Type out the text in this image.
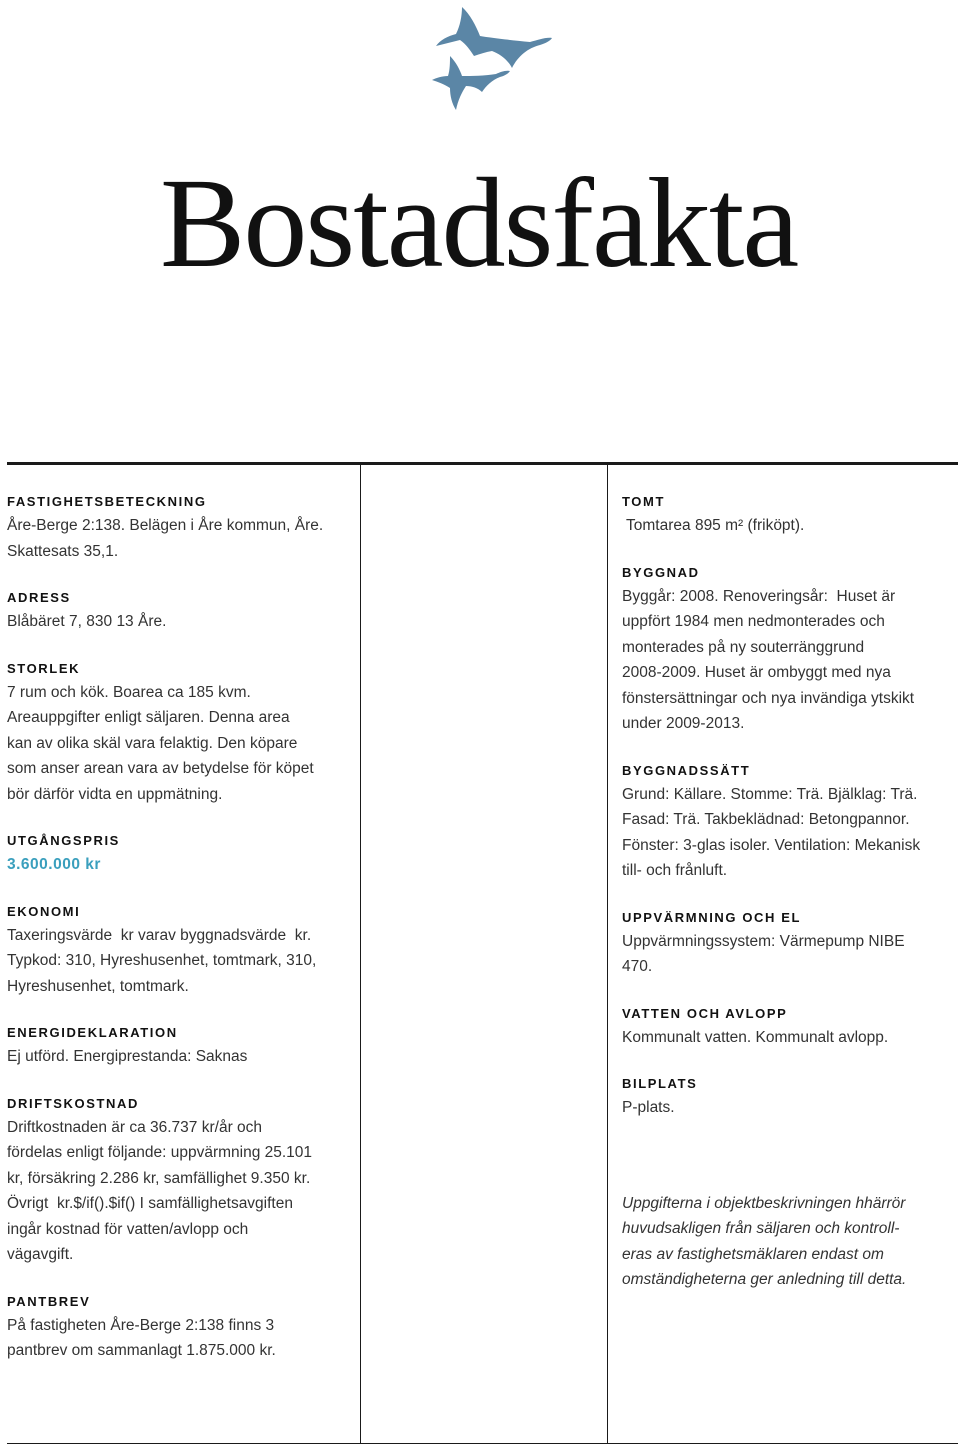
Bostadsfakta
FASTIGHETSBETECKNING
Åre-Berge 2:138. Belägen i Åre kommun, Åre.
Skattesats 35,1.
ADRESS
Blåbäret 7, 830 13 Åre.
STORLEK
7 rum och kök. Boarea ca 185 kvm.
Areauppgifter enligt säljaren. Denna area
kan av olika skäl vara felaktig. Den köpare
som anser arean vara av betydelse för köpet
bör därför vidta en uppmätning.
UTGÅNGSPRIS
3.600.000 kr
EKONOMI
Taxeringsvärde  kr varav byggnadsvärde  kr.
Typkod: 310, Hyreshusenhet, tomtmark, 310,
Hyreshusenhet, tomtmark.
ENERGIDEKLARATION
Ej utförd. Energiprestanda: Saknas
DRIFTSKOSTNAD
Driftkostnaden är ca 36.737 kr/år och
fördelas enligt följande: uppvärmning 25.101
kr, försäkring 2.286 kr, samfällighet 9.350 kr.
Övrigt  kr.$/if().$if() I samfällighetsavgiften
ingår kostnad för vatten/avlopp och
vägavgift.
PANTBREV
På fastigheten Åre-Berge 2:138 finns 3
pantbrev om sammanlagt 1.875.000 kr.
TOMT
Tomtarea 895 m² (friköpt).
BYGGNAD
Byggår: 2008. Renoveringsår:  Huset är
uppfört 1984 men nedmonterades och
monterades på ny souterränggrund
2008-2009. Huset är ombyggt med nya
fönstersättningar och nya invändiga ytskikt
under 2009-2013.
BYGGNADSSÄTT
Grund: Källare. Stomme: Trä. Bjälklag: Trä.
Fasad: Trä. Takbeklädnad: Betongpannor.
Fönster: 3-glas isoler. Ventilation: Mekanisk
till- och frånluft.
UPPVÄRMNING OCH EL
Uppvärmningssystem: Värmepump NIBE
470.
VATTEN OCH AVLOPP
Kommunalt vatten. Kommunalt avlopp.
BILPLATS
P-plats.
Uppgifterna i objektbeskrivningen hhärrör
huvudsakligen från säljaren och kontroll-
eras av fastighetsmäklaren endast om
omständigheterna ger anledning till detta.
